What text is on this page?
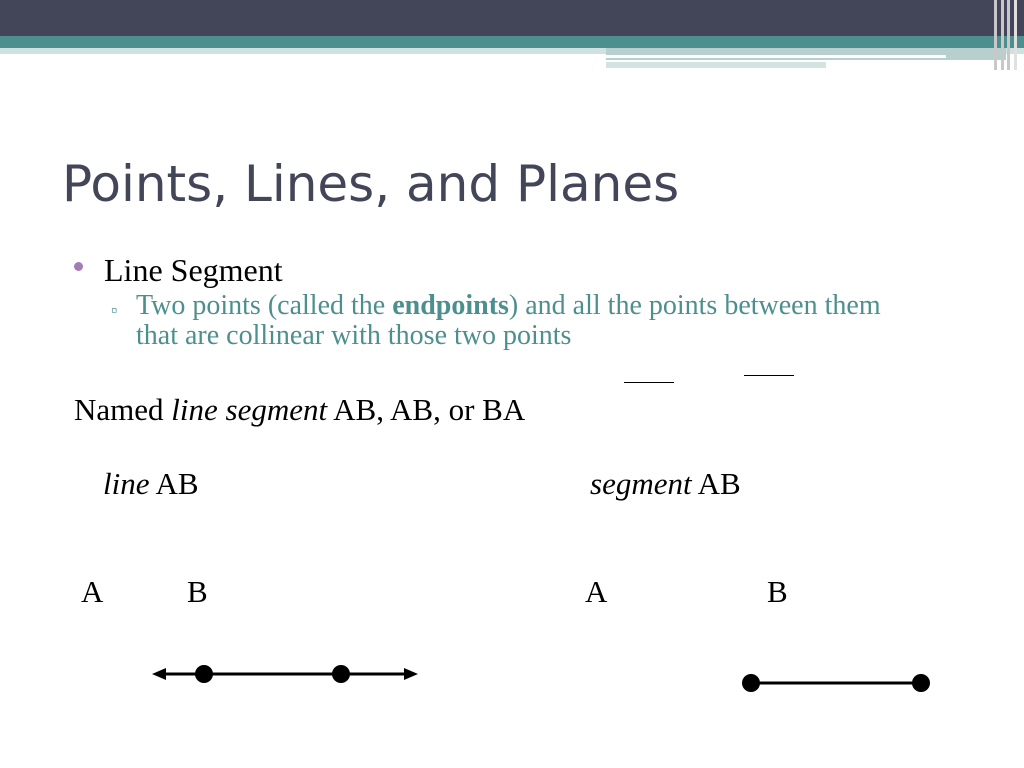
Points, Lines, and Planes
Line Segment
▫ Two points (called the endpoints) and all the points between them that are collinear with those two points
Named line segment AB, AB, or BA
line AB	segment AB
A	B	A	B
